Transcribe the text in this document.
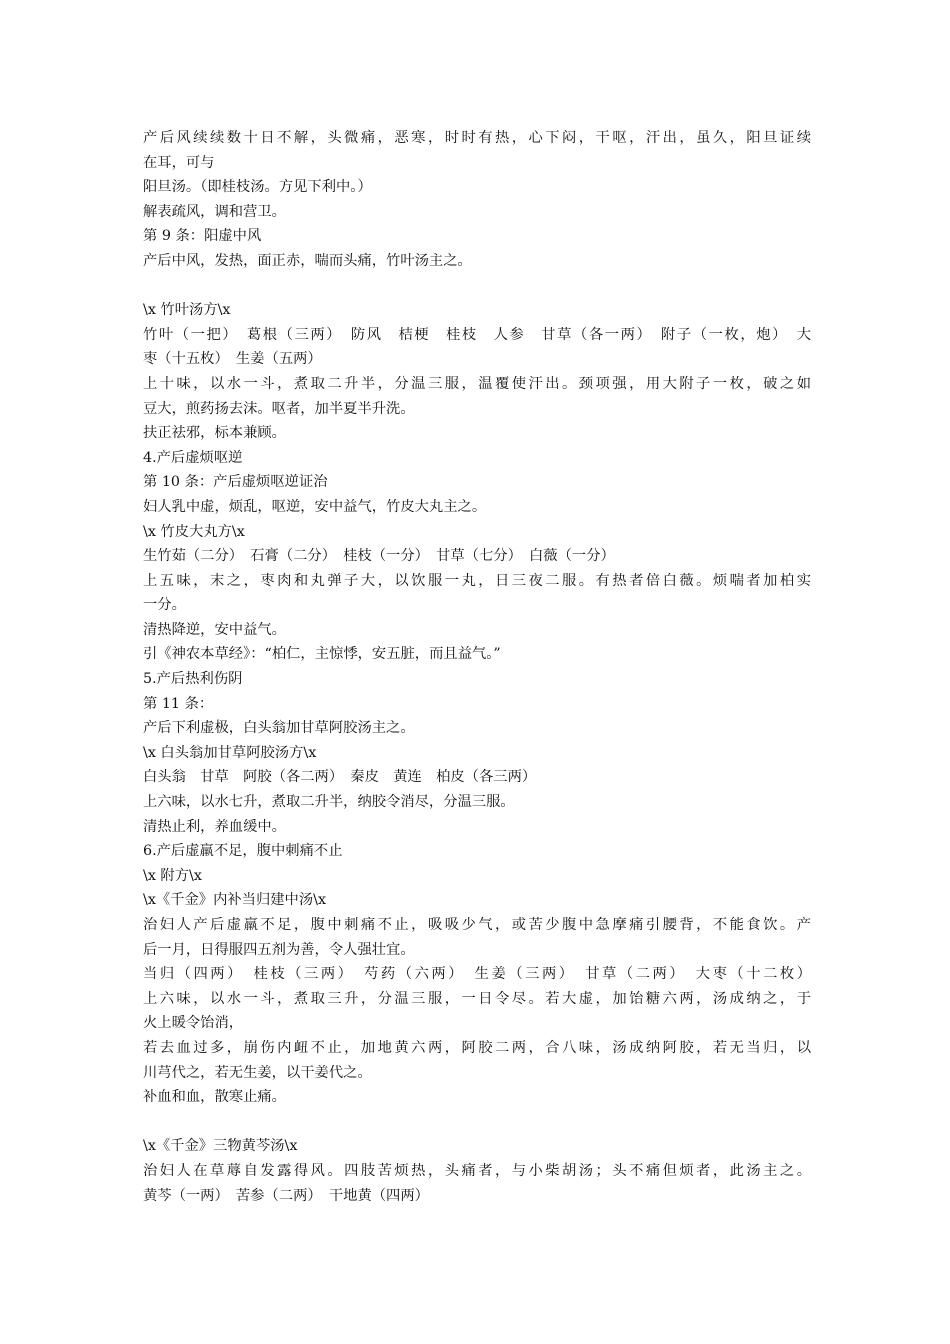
产后风续续数十日不解，头微痛，恶寒，时时有热，心下闷，干呕，汗出，虽久，阳旦证续
在耳，可与
阳旦汤。（即桂枝汤。方见下利中。）
解表疏风，调和营卫。
第 9 条：阳虚中风
产后中风，发热，面正赤，喘而头痛，竹叶汤主之。
\x 竹叶汤方\x
竹叶（一把）　葛根（三两）　防风　桔梗　桂枝　人参　甘草（各一两）　附子（一枚，炮）　大
枣（十五枚）　生姜（五两）
上十味，以水一斗，煮取二升半，分温三服，温覆使汗出。颈项强，用大附子一枚，破之如
豆大，煎药扬去沫。呕者，加半夏半升洗。
扶正祛邪，标本兼顾。
4.产后虚烦呕逆
第 10 条：产后虚烦呕逆证治
妇人乳中虚，烦乱，呕逆，安中益气，竹皮大丸主之。
\x 竹皮大丸方\x
生竹茹（二分）　石膏（二分）　桂枝（一分）　甘草（七分）　白薇（一分）
上五味，末之，枣肉和丸弹子大，以饮服一丸，日三夜二服。有热者倍白薇。烦喘者加柏实
一分。
清热降逆，安中益气。
引《神农本草经》：“柏仁，主惊悸，安五脏，而且益气。”
5.产后热利伤阴
第 11 条：
产后下利虚极，白头翁加甘草阿胶汤主之。
\x 白头翁加甘草阿胶汤方\x
白头翁　甘草　阿胶（各二两）　秦皮　黄连　柏皮（各三两）
上六味，以水七升，煮取二升半，纳胶令消尽，分温三服。
清热止利，养血缓中。
6.产后虚羸不足，腹中刺痛不止
\x 附方\x
\x《千金》内补当归建中汤\x
治妇人产后虚羸不足，腹中刺痛不止，吸吸少气，或苦少腹中急摩痛引腰背，不能食饮。产
后一月，日得服四五剂为善，令人强壮宜。
当归（四两）　桂枝（三两）　芍药（六两）　生姜（三两）　甘草（二两）　大枣（十二枚）
上六味，以水一斗，煮取三升，分温三服，一日令尽。若大虚，加饴糖六两，汤成纳之，于
火上暖令饴消，
若去血过多，崩伤内衄不止，加地黄六两，阿胶二两，合八味，汤成纳阿胶，若无当归，以
川芎代之，若无生姜，以干姜代之。
补血和血，散寒止痛。
\x《千金》三物黄芩汤\x
治妇人在草蓐自发露得风。四肢苦烦热，头痛者，与小柴胡汤；头不痛但烦者，此汤主之。
黄芩（一两）　苦参（二两）　干地黄（四两）
